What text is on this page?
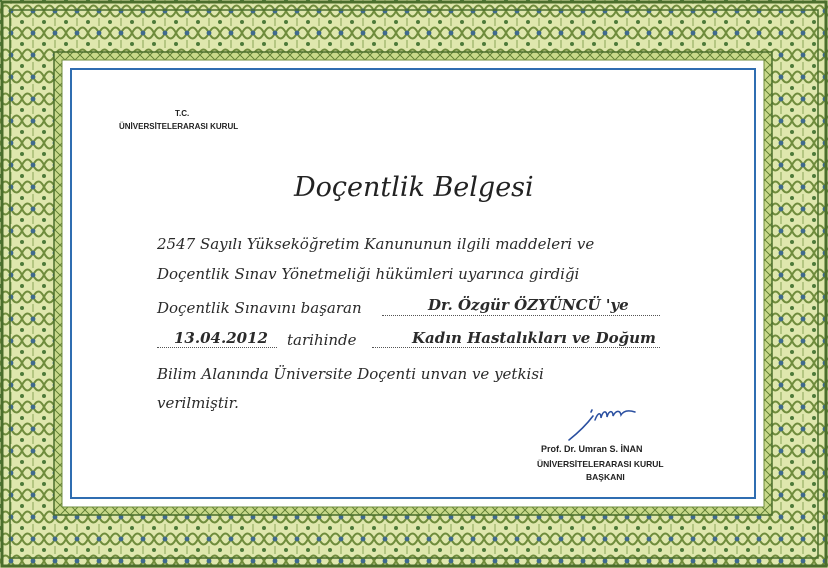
T.C.
ÜNİVERSİTELERARASI KURUL
Doçentlik Belgesi
2547 Sayılı Yükseköğretim Kanununun ilgili maddeleri ve
Doçentlik Sınav Yönetmeliği hükümleri uyarınca girdiği
Doçentlik Sınavını başaran	Dr. Özgür ÖZYÜNCÜ 'ye
13.04.2012 tarihinde	Kadın Hastalıkları ve Doğum
Bilim Alanında Üniversite Doçenti unvan ve yetkisi
verilmiştir.
Prof. Dr. Umran S. İNAN
ÜNİVERSİTELERARASI KURUL
BAŞKANI
